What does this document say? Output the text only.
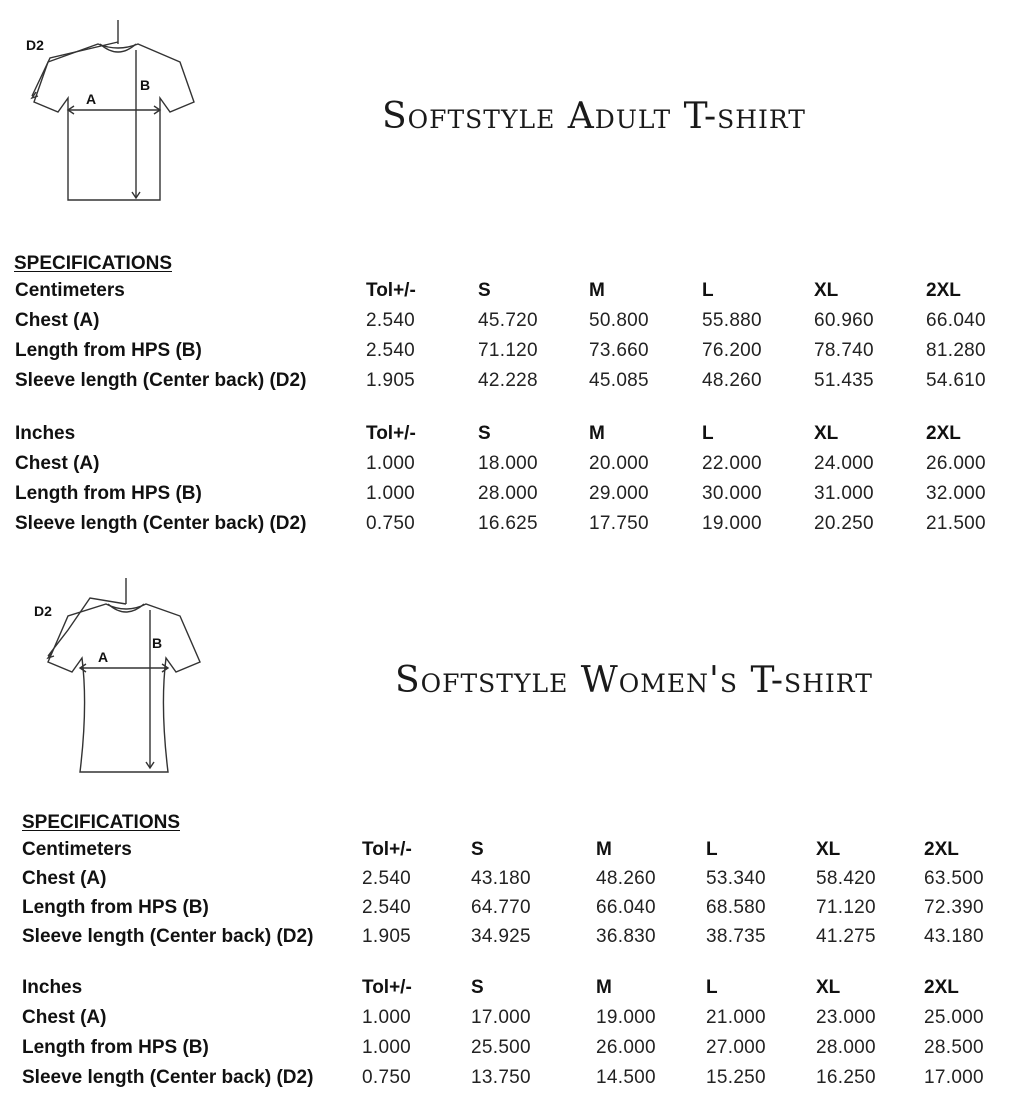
D2
A
B
Softstyle Adult T-shirt
SPECIFICATIONS
Centimeters	Tol+/-	S	M	L	XL	2XL
Chest (A)	2.540	45.720	50.800	55.880	60.960	66.040
Length from HPS (B)	2.540	71.120	73.660	76.200	78.740	81.280
Sleeve length (Center back) (D2)	1.905	42.228	45.085	48.260	51.435	54.610
Inches	Tol+/-	S	M	L	XL	2XL
Chest (A)	1.000	18.000	20.000	22.000	24.000	26.000
Length from HPS (B)	1.000	28.000	29.000	30.000	31.000	32.000
Sleeve length (Center back) (D2)	0.750	16.625	17.750	19.000	20.250	21.500
D2
A
B
Softstyle Women's T-shirt
SPECIFICATIONS
Centimeters	Tol+/-	S	M	L	XL	2XL
Chest (A)	2.540	43.180	48.260	53.340	58.420	63.500
Length from HPS (B)	2.540	64.770	66.040	68.580	71.120	72.390
Sleeve length (Center back) (D2)	1.905	34.925	36.830	38.735	41.275	43.180
Inches	Tol+/-	S	M	L	XL	2XL
Chest (A)	1.000	17.000	19.000	21.000	23.000	25.000
Length from HPS (B)	1.000	25.500	26.000	27.000	28.000	28.500
Sleeve length (Center back) (D2)	0.750	13.750	14.500	15.250	16.250	17.000
